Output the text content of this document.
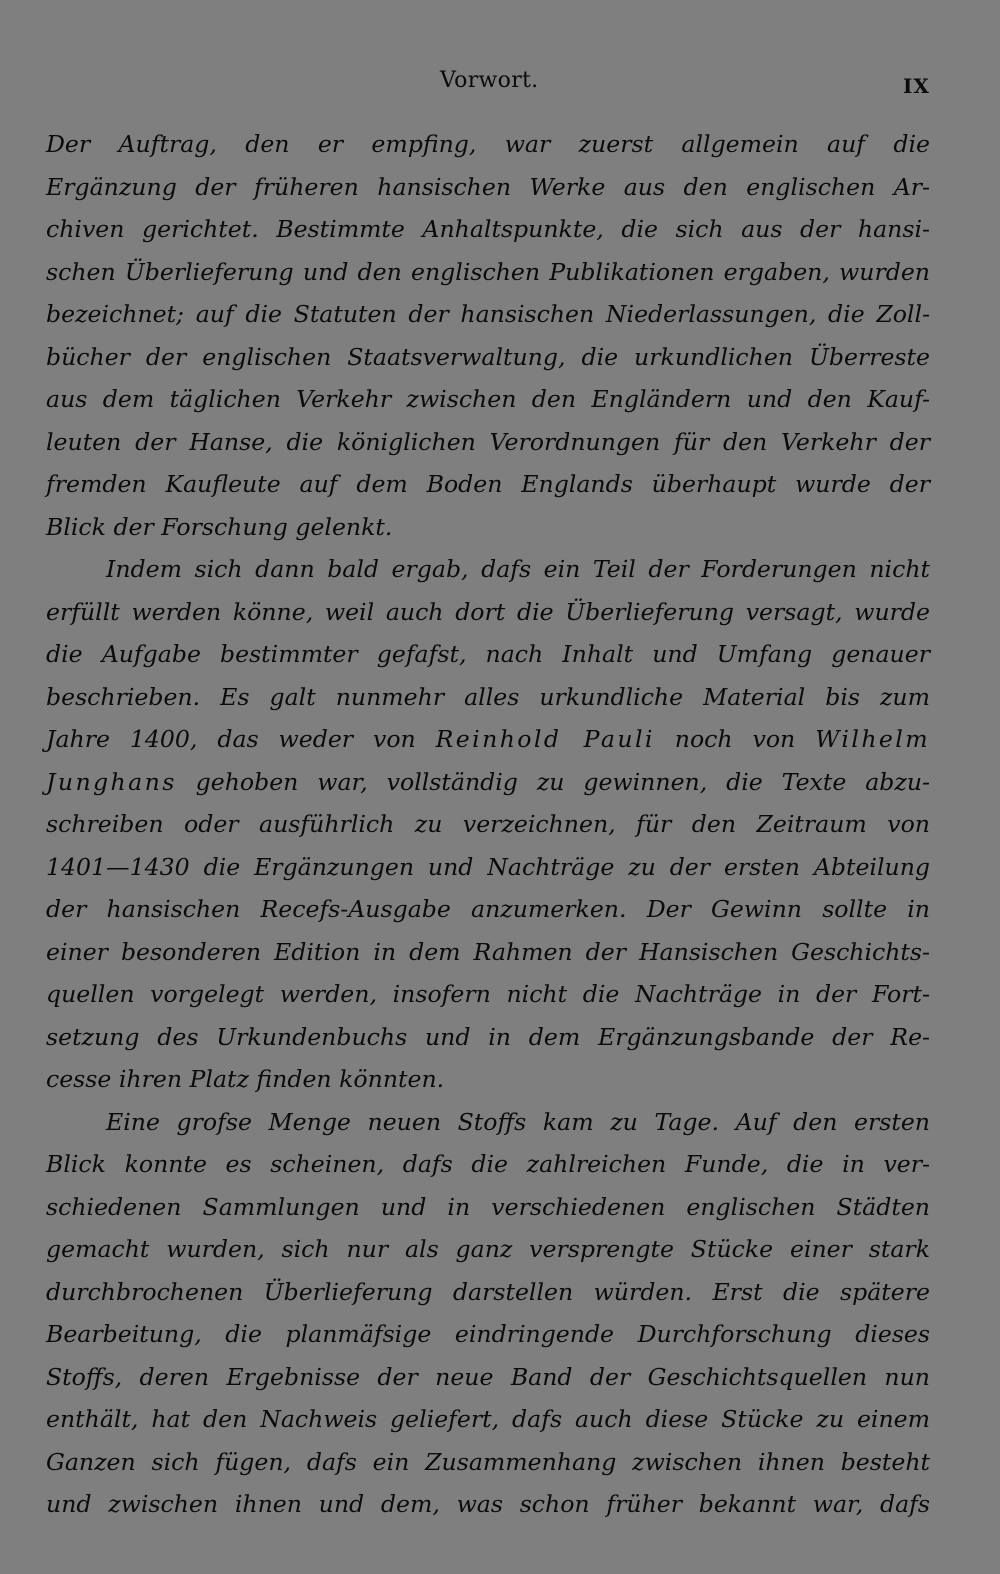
Vorwort.	IX
Der Auftrag, den er empfing, war zuerst allgemein auf die
Ergänzung der früheren hansischen Werke aus den englischen Ar-
chiven gerichtet. Bestimmte Anhaltspunkte, die sich aus der hansi-
schen Überlieferung und den englischen Publikationen ergaben, wurden
bezeichnet; auf die Statuten der hansischen Niederlassungen, die Zoll-
bücher der englischen Staatsverwaltung, die urkundlichen Überreste
aus dem täglichen Verkehr zwischen den Engländern und den Kauf-
leuten der Hanse, die königlichen Verordnungen für den Verkehr der
fremden Kaufleute auf dem Boden Englands überhaupt wurde der
Blick der Forschung gelenkt.
Indem sich dann bald ergab, dafs ein Teil der Forderungen nicht
erfüllt werden könne, weil auch dort die Überlieferung versagt, wurde
die Aufgabe bestimmter gefafst, nach Inhalt und Umfang genauer
beschrieben. Es galt nunmehr alles urkundliche Material bis zum
Jahre 1400, das weder von Reinhold Pauli noch von Wilhelm
Junghans gehoben war, vollständig zu gewinnen, die Texte abzu-
schreiben oder ausführlich zu verzeichnen, für den Zeitraum von
1401—1430 die Ergänzungen und Nachträge zu der ersten Abteilung
der hansischen Recefs-Ausgabe anzumerken. Der Gewinn sollte in
einer besonderen Edition in dem Rahmen der Hansischen Geschichts-
quellen vorgelegt werden, insofern nicht die Nachträge in der Fort-
setzung des Urkundenbuchs und in dem Ergänzungsbande der Re-
cesse ihren Platz finden könnten.
Eine grofse Menge neuen Stoffs kam zu Tage. Auf den ersten
Blick konnte es scheinen, dafs die zahlreichen Funde, die in ver-
schiedenen Sammlungen und in verschiedenen englischen Städten
gemacht wurden, sich nur als ganz versprengte Stücke einer stark
durchbrochenen Überlieferung darstellen würden. Erst die spätere
Bearbeitung, die planmäfsige eindringende Durchforschung dieses
Stoffs, deren Ergebnisse der neue Band der Geschichtsquellen nun
enthält, hat den Nachweis geliefert, dafs auch diese Stücke zu einem
Ganzen sich fügen, dafs ein Zusammenhang zwischen ihnen besteht
und zwischen ihnen und dem, was schon früher bekannt war, dafs
